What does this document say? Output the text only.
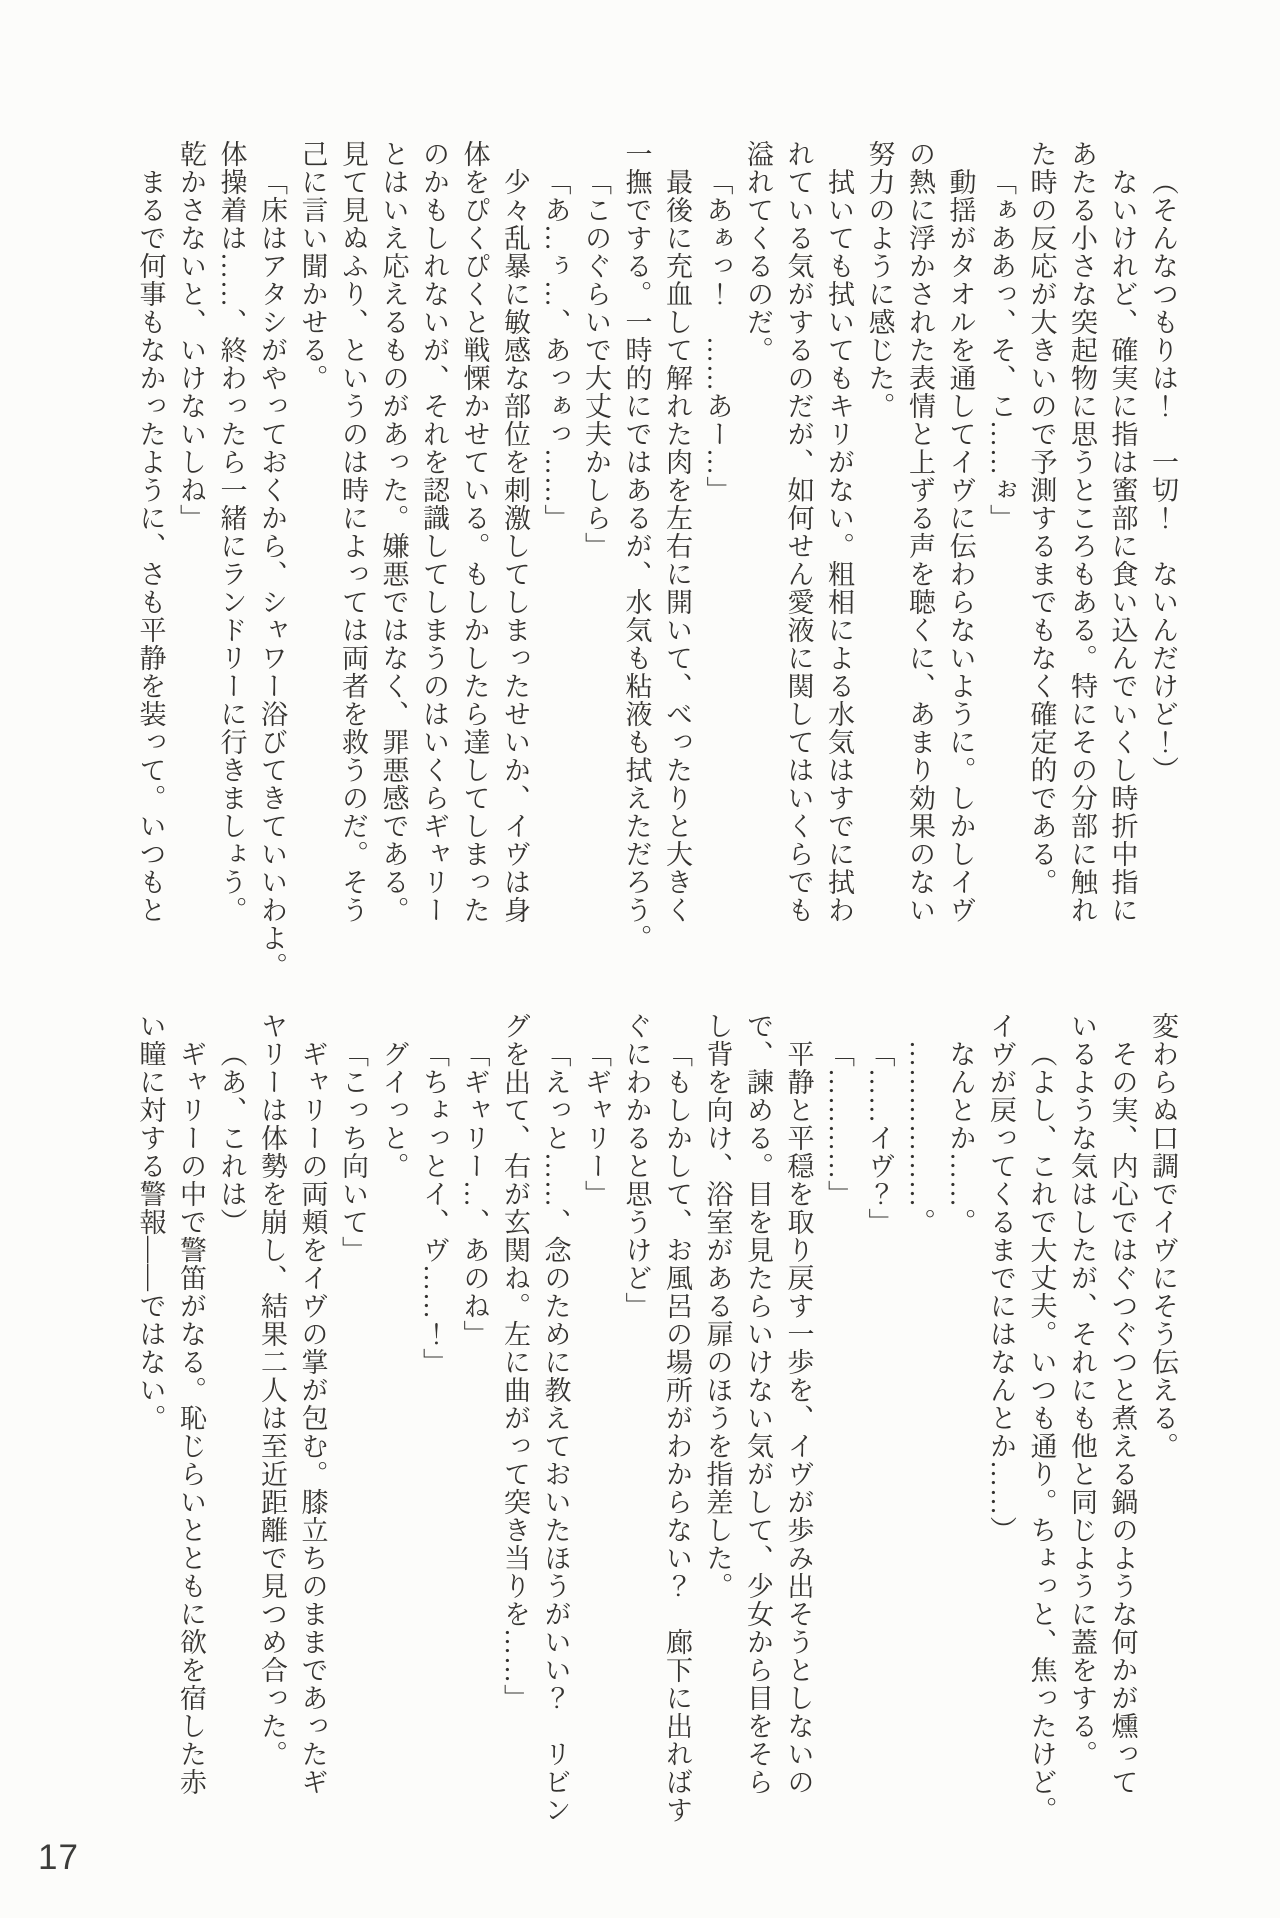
（そんなつもりは！　一切！　ないんだけど！）
ないけれど、確実に指は蜜部に食い込んでいくし時折中指に
あたる小さな突起物に思うところもある。特にその分部に触れ
た時の反応が大きいので予測するまでもなく確定的である。
「ぁああっ、そ、こ……ぉ」
動揺がタオルを通してイヴに伝わらないように。しかしイヴ
の熱に浮かされた表情と上ずる声を聴くに、あまり効果のない
努力のように感じた。
拭いても拭いてもキリがない。粗相による水気はすでに拭わ
れている気がするのだが、如何せん愛液に関してはいくらでも
溢れてくるのだ。
「あぁっ！　……あー…」
最後に充血して解れた肉を左右に開いて、べったりと大きく
一撫でする。一時的にではあるが、水気も粘液も拭えただろう。
「このぐらいで大丈夫かしら」
「あ…ぅ…、あっぁっ……」
少々乱暴に敏感な部位を刺激してしまったせいか、イヴは身
体をぴくぴくと戦慄かせている。もしかしたら達してしまった
のかもしれないが、それを認識してしまうのはいくらギャリー
とはいえ応えるものがあった。嫌悪ではなく、罪悪感である。
見て見ぬふり、というのは時によっては両者を救うのだ。そう
己に言い聞かせる。
「床はアタシがやっておくから、シャワー浴びてきていいわよ。
体操着は……、終わったら一緒にランドリーに行きましょう。
乾かさないと、いけないしね」
まるで何事もなかったように、さも平静を装って。いつもと
変わらぬ口調でイヴにそう伝える。
その実、内心ではぐつぐつと煮える鍋のような何かが燻って
いるような気はしたが、それにも他と同じように蓋をする。
（よし、これで大丈夫。いつも通り。ちょっと、焦ったけど。
イヴが戻ってくるまでにはなんとか……）
なんとか……。
………………。
「……イヴ？」
「…………」
平静と平穏を取り戻す一歩を、イヴが歩み出そうとしないの
で、諫める。目を見たらいけない気がして、少女から目をそら
し背を向け、浴室がある扉のほうを指差した。
「もしかして、お風呂の場所がわからない？　廊下に出ればす
ぐにわかると思うけど」
「ギャリー」
「えっと……、念のために教えておいたほうがいい？　リビン
グを出て、右が玄関ね。左に曲がって突き当りを……」
「ギャリー…、あのね」
「ちょっとイ、ヴ……！」
グイっと。
「こっち向いて」
ギャリーの両頬をイヴの掌が包む。膝立ちのままであったギ
ヤリーは体勢を崩し、結果二人は至近距離で見つめ合った。
（あ、これは）
ギャリーの中で警笛がなる。恥じらいとともに欲を宿した赤
い瞳に対する警報――ではない。
17
